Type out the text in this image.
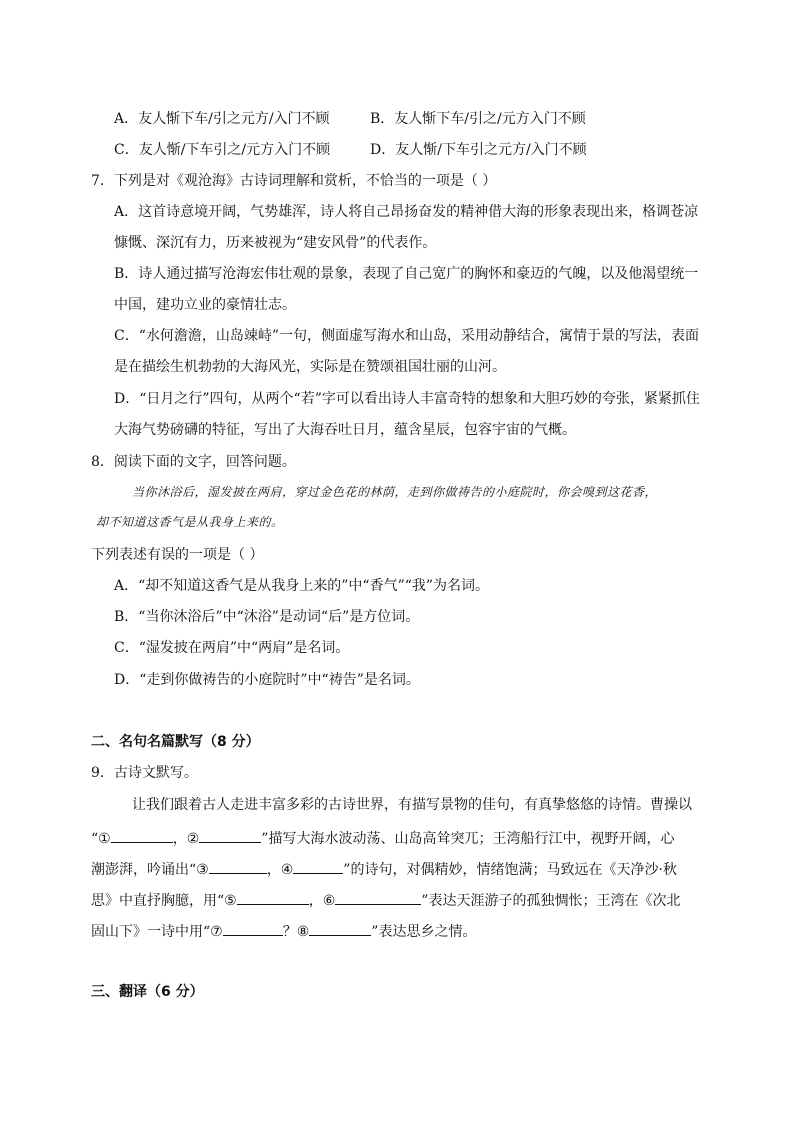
A．友人惭下车/引之元方/入门不顾	B．友人惭下车/引之/元方入门不顾
C．友人惭/下车引之/元方入门不顾	D．友人惭/下车引之元方/入门不顾
7．下列是对《观沧海》古诗词理解和赏析，不恰当的一项是（ ）
A．这首诗意境开阔，气势雄浑，诗人将自己昂扬奋发的精神借大海的形象表现出来，格调苍凉
慷慨、深沉有力，历来被视为“建安风骨”的代表作。
B．诗人通过描写沧海宏伟壮观的景象，表现了自己宽广的胸怀和豪迈的气魄，以及他渴望统一
中国，建功立业的豪情壮志。
C．“水何澹澹，山岛竦峙”一句，侧面虚写海水和山岛，采用动静结合，寓情于景的写法，表面
是在描绘生机勃勃的大海风光，实际是在赞颂祖国壮丽的山河。
D．“日月之行”四句，从两个“若”字可以看出诗人丰富奇特的想象和大胆巧妙的夸张，紧紧抓住
大海气势磅礴的特征，写出了大海吞吐日月，蕴含星辰，包容宇宙的气概。
8．阅读下面的文字，回答问题。
当你沐浴后，湿发披在两肩，穿过金色花的林荫，走到你做祷告的小庭院时，你会嗅到这花香，
却不知道这香气是从我身上来的。
下列表述有误的一项是（ ）
A．“却不知道这香气是从我身上来的”中“香气”“我”为名词。
B．“当你沐浴后”中“沐浴”是动词“后”是方位词。
C．“湿发披在两肩”中“两肩”是名词。
D．“走到你做祷告的小庭院时”中“祷告”是名词。
二、名句名篇默写（8 分）
9．古诗文默写。
让我们跟着古人走进丰富多彩的古诗世界，有描写景物的佳句，有真挚悠悠的诗情。曹操以
“①	，②	”描写大海水波动荡、山岛高耸突兀；王湾船行江中，视野开阔，心
潮澎湃，吟诵出“③	，④	”的诗句，对偶精妙，情绪饱满；马致远在《天净沙·秋
思》中直抒胸臆，用“⑤	，⑥	”表达天涯游子的孤独惆怅；王湾在《次北
固山下》一诗中用“⑦	？⑧	”表达思乡之情。
三、翻译（6 分）
